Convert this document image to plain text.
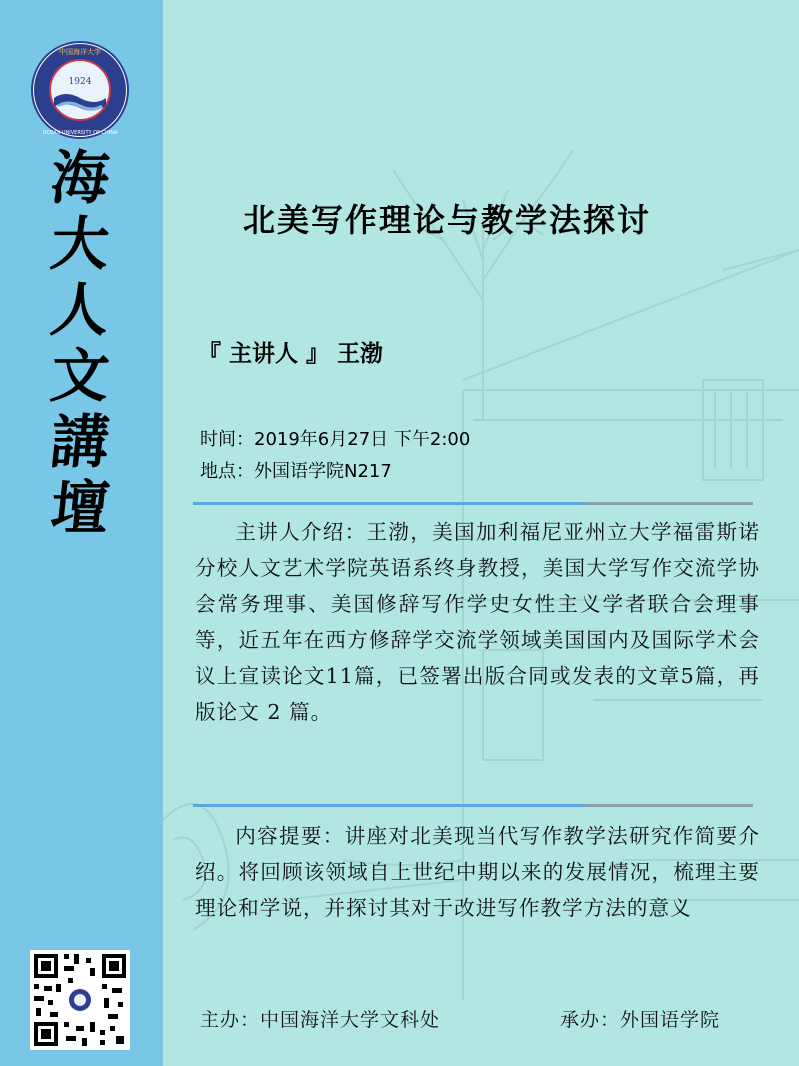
1924
中国海洋大学
OCEAN UNIVERSITY OF CHINA
海
大
人
文
講
壇
北美写作理论与教学法探讨
『 主讲人 』 王渤
时间：2019年6月27日 下午2:00
地点：外国语学院N217
主讲人介绍：王渤，美国加利福尼亚州立大学福雷斯诺分校人文艺术学院英语系终身教授，美国大学写作交流学协会常务理事、美国修辞写作学史女性主义学者联合会理事等，近五年在西方修辞学交流学领域美国国内及国际学术会议上宣读论文11篇，已签署出版合同或发表的文章5篇，再版论文 2 篇。
内容提要：讲座对北美现当代写作教学法研究作简要介绍。将回顾该领域自上世纪中期以来的发展情况，梳理主要理论和学说，并探讨其对于改进写作教学方法的意义
主办：中国海洋大学文科处	承办：外国语学院
